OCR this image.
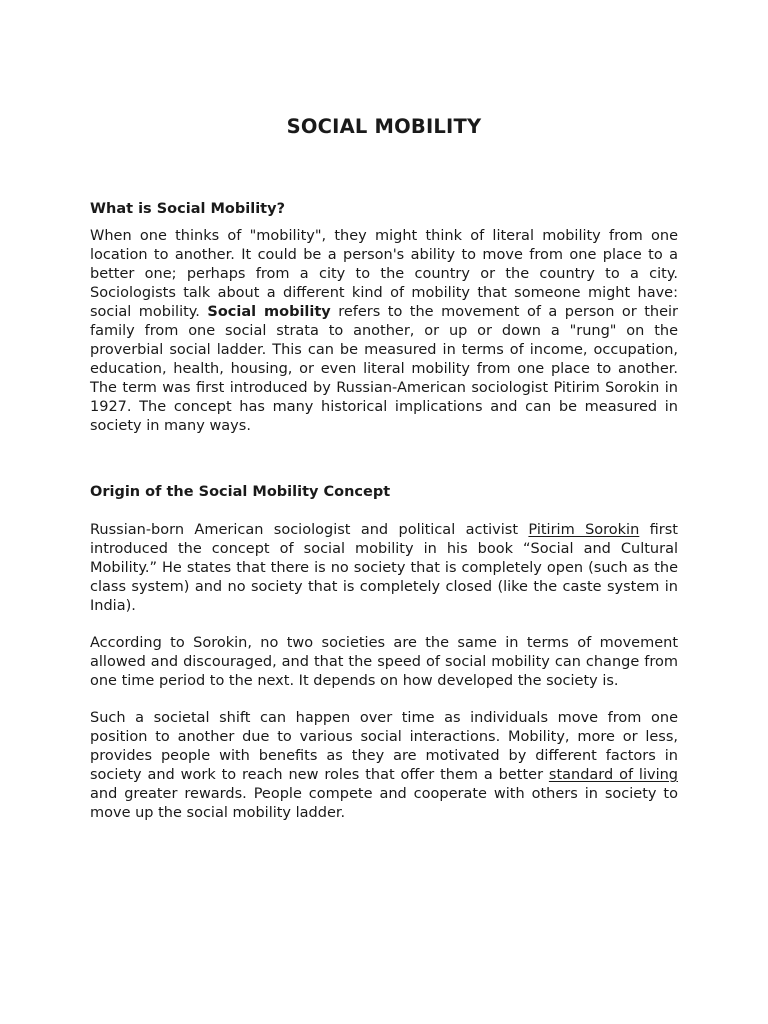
SOCIAL MOBILITY
What is Social Mobility?

When one thinks of "mobility", they might think of literal mobility from one location to another. It could be a person's ability to move from one place to a better one; perhaps from a city to the country or the country to a city. Sociologists talk about a different kind of mobility that someone might have: social mobility. Social mobility refers to the movement of a person or their family from one social strata to another, or up or down a "rung" on the proverbial social ladder. This can be measured in terms of income, occupation, education, health, housing, or even literal mobility from one place to another. The term was first introduced by Russian-American sociologist Pitirim Sorokin in 1927. The concept has many historical implications and can be measured in society in many ways.

Origin of the Social Mobility Concept

Russian-born American sociologist and political activist Pitirim Sorokin first introduced the concept of social mobility in his book “Social and Cultural Mobility.” He states that there is no society that is completely open (such as the class system) and no society that is completely closed (like the caste system in India).

According to Sorokin, no two societies are the same in terms of movement allowed and discouraged, and that the speed of social mobility can change from one time period to the next. It depends on how developed the society is.

Such a societal shift can happen over time as individuals move from one position to another due to various social interactions. Mobility, more or less, provides people with benefits as they are motivated by different factors in society and work to reach new roles that offer them a better standard of living and greater rewards. People compete and cooperate with others in society to move up the social mobility ladder.
